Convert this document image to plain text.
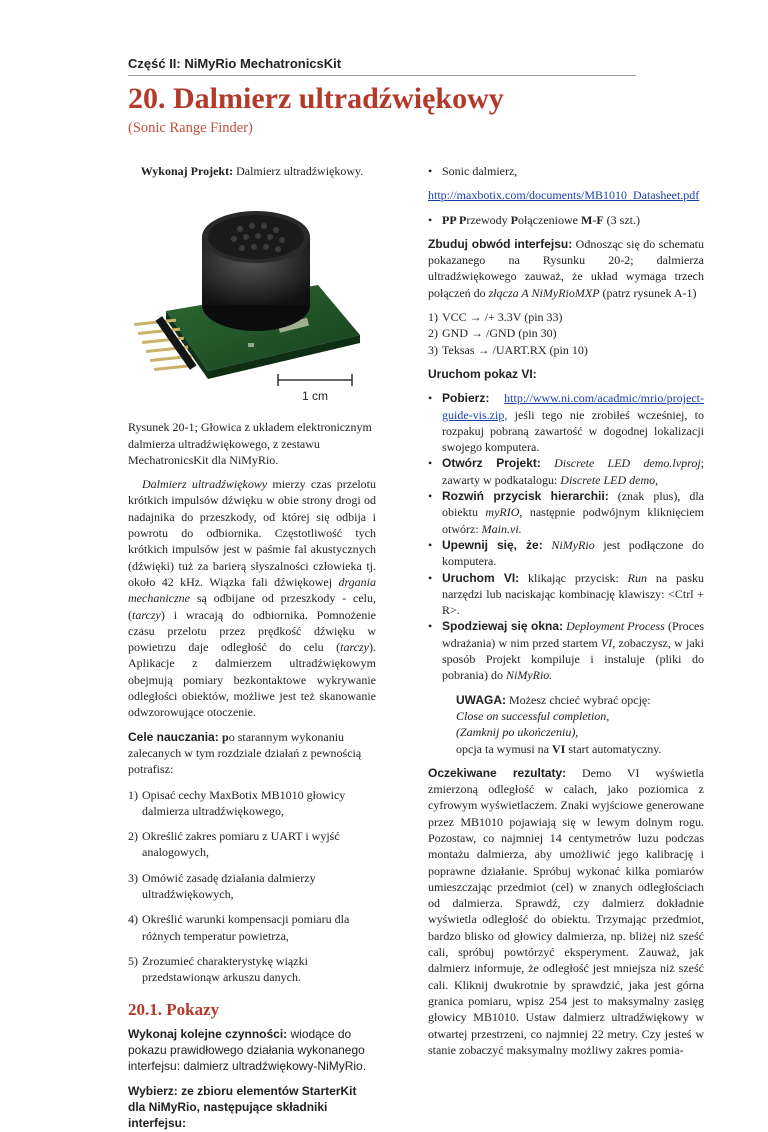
Część II: NiMyRio MechatronicsKit
20. Dalmierz ultradźwiękowy
(Sonic Range Finder)

Wykonaj Projekt: Dalmierz ultradźwiękowy.

1 cm

Rysunek 20-1; Głowica z układem elektronicznym dalmierza ultradźwiękowego, z zestawu MechatronicsKit dla NiMyRio.

Dalmierz ultradźwiękowy mierzy czas przelotu krótkich impulsów dźwięku w obie strony drogi od nadajnika do przeszkody, od której się odbija i powrotu do odbiornika. Częstotliwość tych krótkich impulsów jest w paśmie fal akustycznych (dźwięki) tuż za barierą słyszalności człowieka tj. około 42 kHz. Wiązka fali dźwiękowej drgania mechaniczne są odbijane od przeszkody - celu, (tarczy) i wracają do odbiornika. Pomnożenie czasu przelotu przez prędkość dźwięku w powietrzu daje odległość do celu (tarczy). Aplikacje z dalmierzem ultradźwiękowym obejmują pomiary bezkontaktowe wykrywanie odległości obiektów, możliwe jest też skanowanie odwzorowujące otoczenie.

Cele nauczania: po starannym wykonaniu zalecanych w tym rozdziale działań z pewnością potrafisz:

1) Opisać cechy MaxBotix MB1010 głowicy dalmierza ultradźwiękowego,
2) Określić zakres pomiaru z UART i wyjść analogowych,
3) Omówić zasadę działania dalmierzy ultradźwiękowych,
4) Określić warunki kompensacji pomiaru dla różnych temperatur powietrza,
5) Zrozumieć charakterystykę wiązki przedstawionąw arkuszu danych.
20.1. Pokazy

Wykonaj kolejne czynności: wiodące do pokazu prawidłowego działania wykonanego interfejsu: dalmierz ultradźwiękowy-NiMyRio.

Wybierz: ze zbioru elementów StarterKit dla NiMyRio, następujące składniki interfejsu:

• Sonic dalmierz,

http://maxbotix.com/documents/MB1010_Datasheet.pdf

• PP Przewody Połączeniowe M-F (3 szt.)

Zbuduj obwód interfejsu: Odnosząc się do schematu pokazanego na Rysunku 20-2; dalmierza ultradźwiękowego zauważ, że układ wymaga trzech połączeń do złącza A NiMyRioMXP (patrz rysunek A-1)

1) VCC → /+ 3.3V (pin 33)
2) GND → /GND (pin 30)
3) Teksas → /UART.RX (pin 10)

Uruchom pokaz VI:

• Pobierz: http://www.ni.com/acadmic/mrio/project-guide-vis.zip, jeśli tego nie zrobiłeś wcześniej, to rozpakuj pobraną zawartość w dogodnej lokalizacji swojego komputera.
• Otwórz Projekt: Discrete LED demo.lvproj; zawarty w podkatalogu: Discrete LED demo,
• Rozwiń przycisk hierarchii: (znak plus), dla obiektu myRIO, następnie podwójnym kliknięciem otwórz: Main.vi.
• Upewnij się, że: NiMyRio jest podłączone do komputera.
• Uruchom VI: klikając przycisk: Run na pasku narzędzi lub naciskając kombinację klawiszy: <Ctrl + R>.
• Spodziewaj się okna: Deployment Process (Proces wdrażania) w nim przed startem VI, zobaczysz, w jaki sposób Projekt kompiluje i instaluje (pliki do pobrania) do NiMyRio.

UWAGA: Możesz chcieć wybrać opcję:

Close on successful completion,

(Zamknij po ukończeniu),

opcja ta wymusi na VI start automatyczny.

Oczekiwane rezultaty: Demo VI wyświetla zmierzoną odległość w calach, jako poziomica z cyfrowym wyświetlaczem. Znaki wyjściowe generowane przez MB1010 pojawiają się w lewym dolnym rogu. Pozostaw, co najmniej 14 centymetrów luzu podczas montażu dalmierza, aby umożliwić jego kalibrację i poprawne działanie. Spróbuj wykonać kilka pomiarów umieszczając przedmiot (cel) w znanych odległościach od dalmierza. Sprawdź, czy dalmierz dokładnie wyświetla odległość do obiektu. Trzymając przedmiot, bardzo blisko od głowicy dalmierza, np. bliżej niż sześć cali, spróbuj powtórzyć eksperyment. Zauważ, jak dalmierz informuje, że odległość jest mniejsza niż sześć cali. Kliknij dwukrotnie by sprawdzić, jaka jest górna granica pomiaru, wpisz 254 jest to maksymalny zasięg głowicy MB1010. Ustaw dalmierz ultradźwiękowy w otwartej przestrzeni, co najmniej 22 metry. Czy jesteś w stanie zobaczyć maksymalny możliwy zakres pomia-
